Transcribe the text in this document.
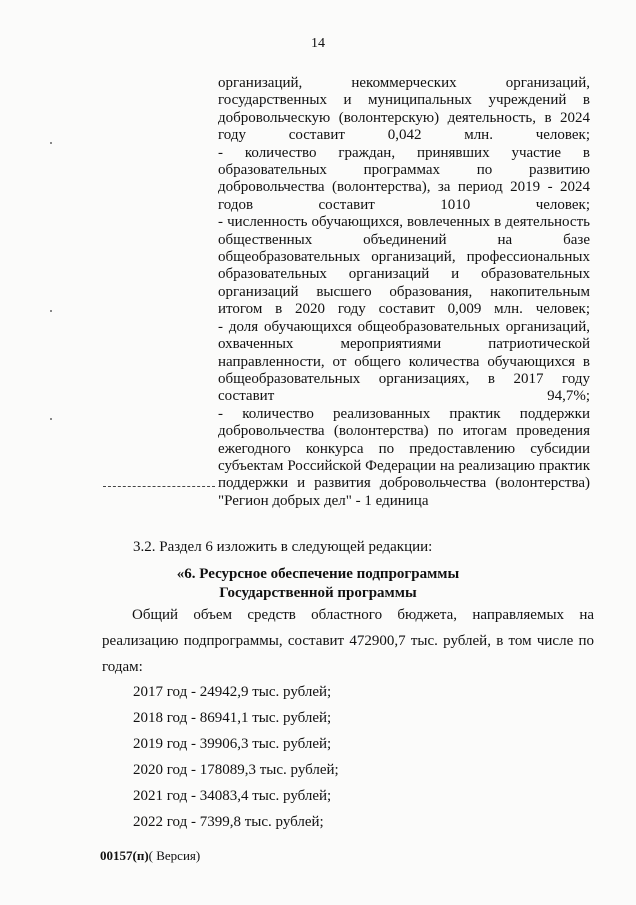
14

организаций, некоммерческих организаций, государственных и муниципальных учреждений в добровольческую (волонтерскую) деятельность, в 2024 году составит 0,042 млн. человек;

- количество граждан, принявших участие в образовательных программах по развитию добровольчества (волонтерства), за период 2019 - 2024 годов составит 1010 человек;

- численность обучающихся, вовлеченных в деятельность общественных объединений на базе общеобразовательных организаций, профессиональных образовательных организаций и образовательных организаций высшего образования, накопительным итогом в 2020 году составит 0,009 млн. человек;

- доля обучающихся общеобразовательных организаций, охваченных мероприятиями патриотической направленности, от общего количества обучающихся в общеобразовательных организациях, в 2017 году составит 94,7%;

- количество реализованных практик поддержки добровольчества (волонтерства) по итогам проведения ежегодного конкурса по предоставлению субсидии субъектам Российской Федерации на реализацию практик поддержки и развития добровольчества (волонтерства) "Регион добрых дел" - 1 единица

3.2. Раздел 6 изложить в следующей редакции:
«6. Ресурсное обеспечение подпрограммы
Государственной программы
Общий объем средств областного бюджета, направляемых на реализацию подпрограммы, составит 472900,7 тыс. рублей, в том числе по годам:
2017 год - 24942,9 тыс. рублей;
2018 год - 86941,1 тыс. рублей;
2019 год - 39906,3 тыс. рублей;
2020 год - 178089,3 тыс. рублей;
2021 год - 34083,4 тыс. рублей;
2022 год - 7399,8 тыс. рублей;
00157(п)( Версия)
